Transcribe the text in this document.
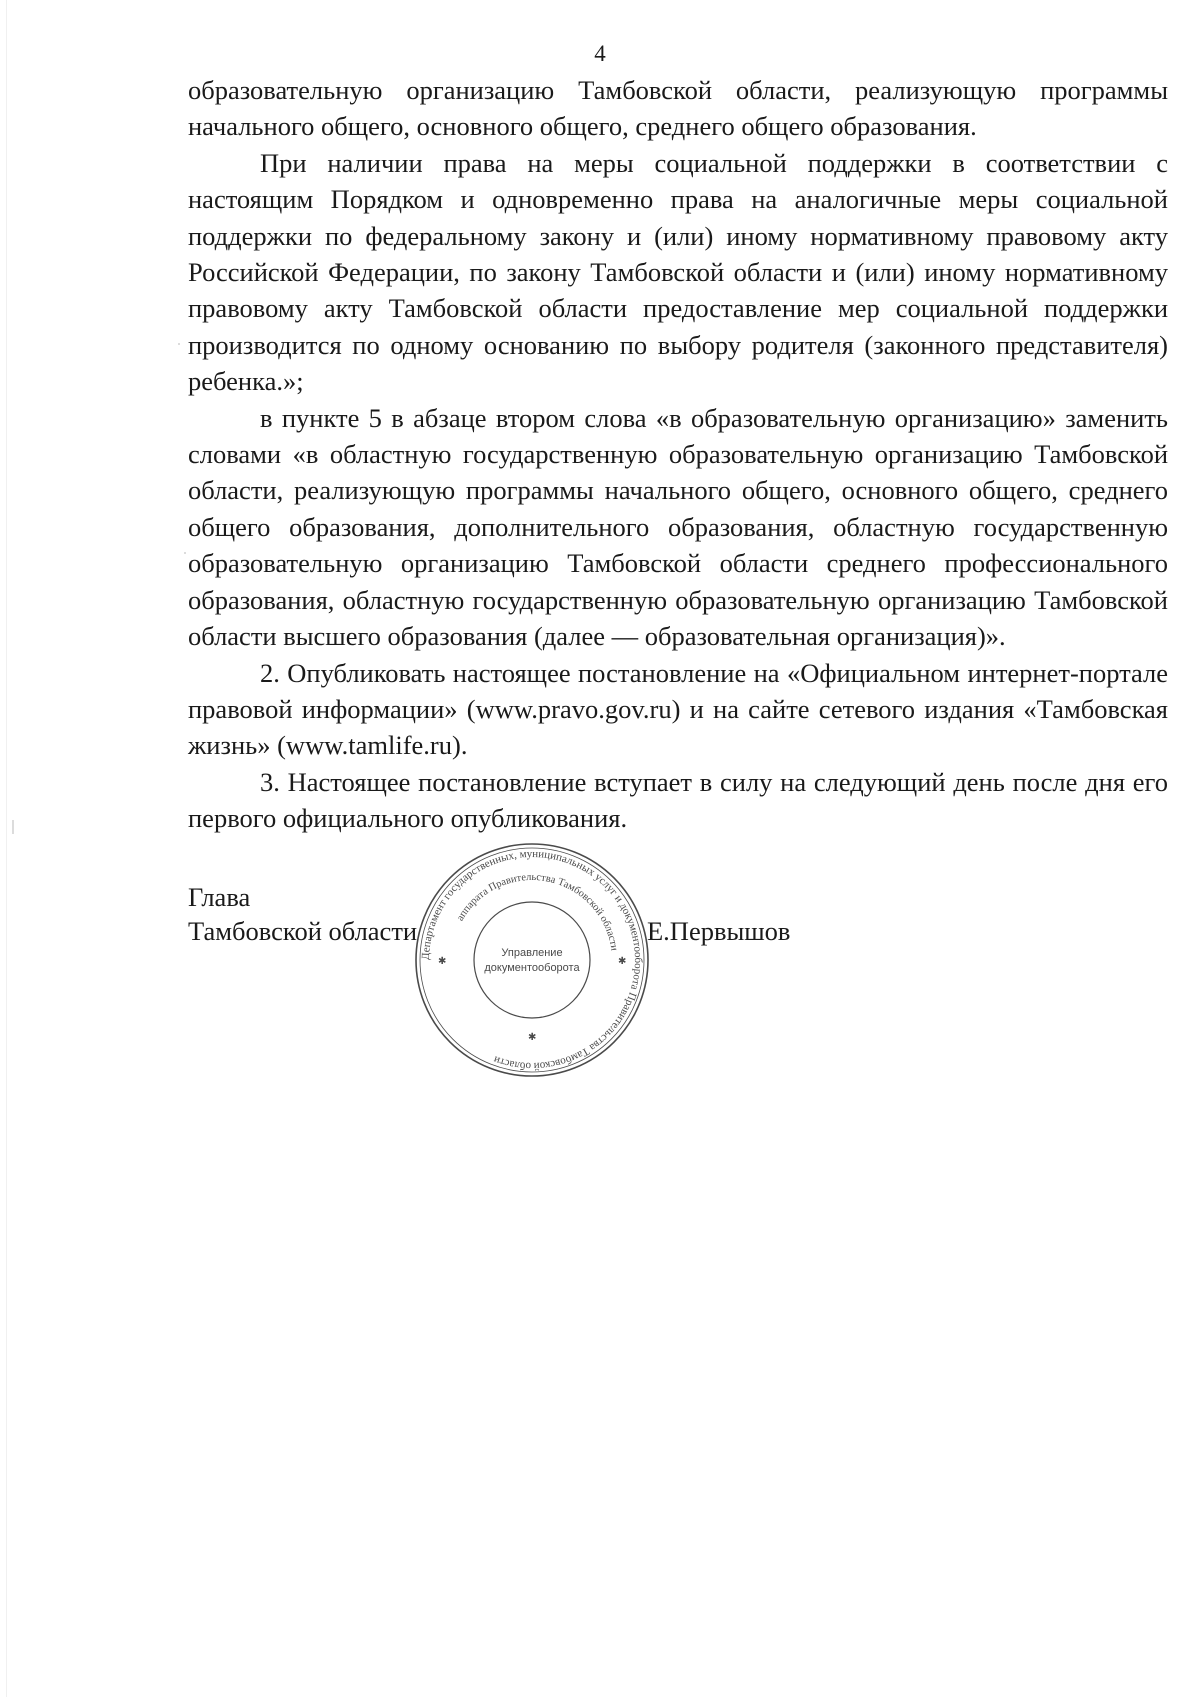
4

образовательную организацию Тамбовской области, реализующую программы начального общего, основного общего, среднего общего образования.

При наличии права на меры социальной поддержки в соответствии с настоящим Порядком и одновременно права на аналогичные меры социальной поддержки по федеральному закону и (или) иному нормативному правовому акту Российской Федерации, по закону Тамбовской области и (или) иному нормативному правовому акту Тамбовской области предоставление мер социальной поддержки производится по одному основанию по выбору родителя (законного представителя) ребенка.»;

в пункте 5 в абзаце втором слова «в образовательную организацию» заменить словами «в областную государственную образовательную организацию Тамбовской области, реализующую программы начального общего, основного общего, среднего общего образования, дополнительного образования, областную государственную образовательную организацию Тамбовской области среднего профессионального образования, областную государственную образовательную организацию Тамбовской области высшего образования (далее — образовательная организация)».

2. Опубликовать настоящее постановление на «Официальном интернет-портале правовой информации» (www.pravo.gov.ru) и на сайте сетевого издания «Тамбовская жизнь» (www.tamlife.ru).

3. Настоящее постановление вступает в силу на следующий день после дня его первого официального опубликования.

Глава
Тамбовской области	Е.Первышов
Департамент государственных, муниципальных услуг и документооборота Правительства Тамбовской области
аппарата Правительства Тамбовской области
Управление
документооборота
✱	✱
✱
